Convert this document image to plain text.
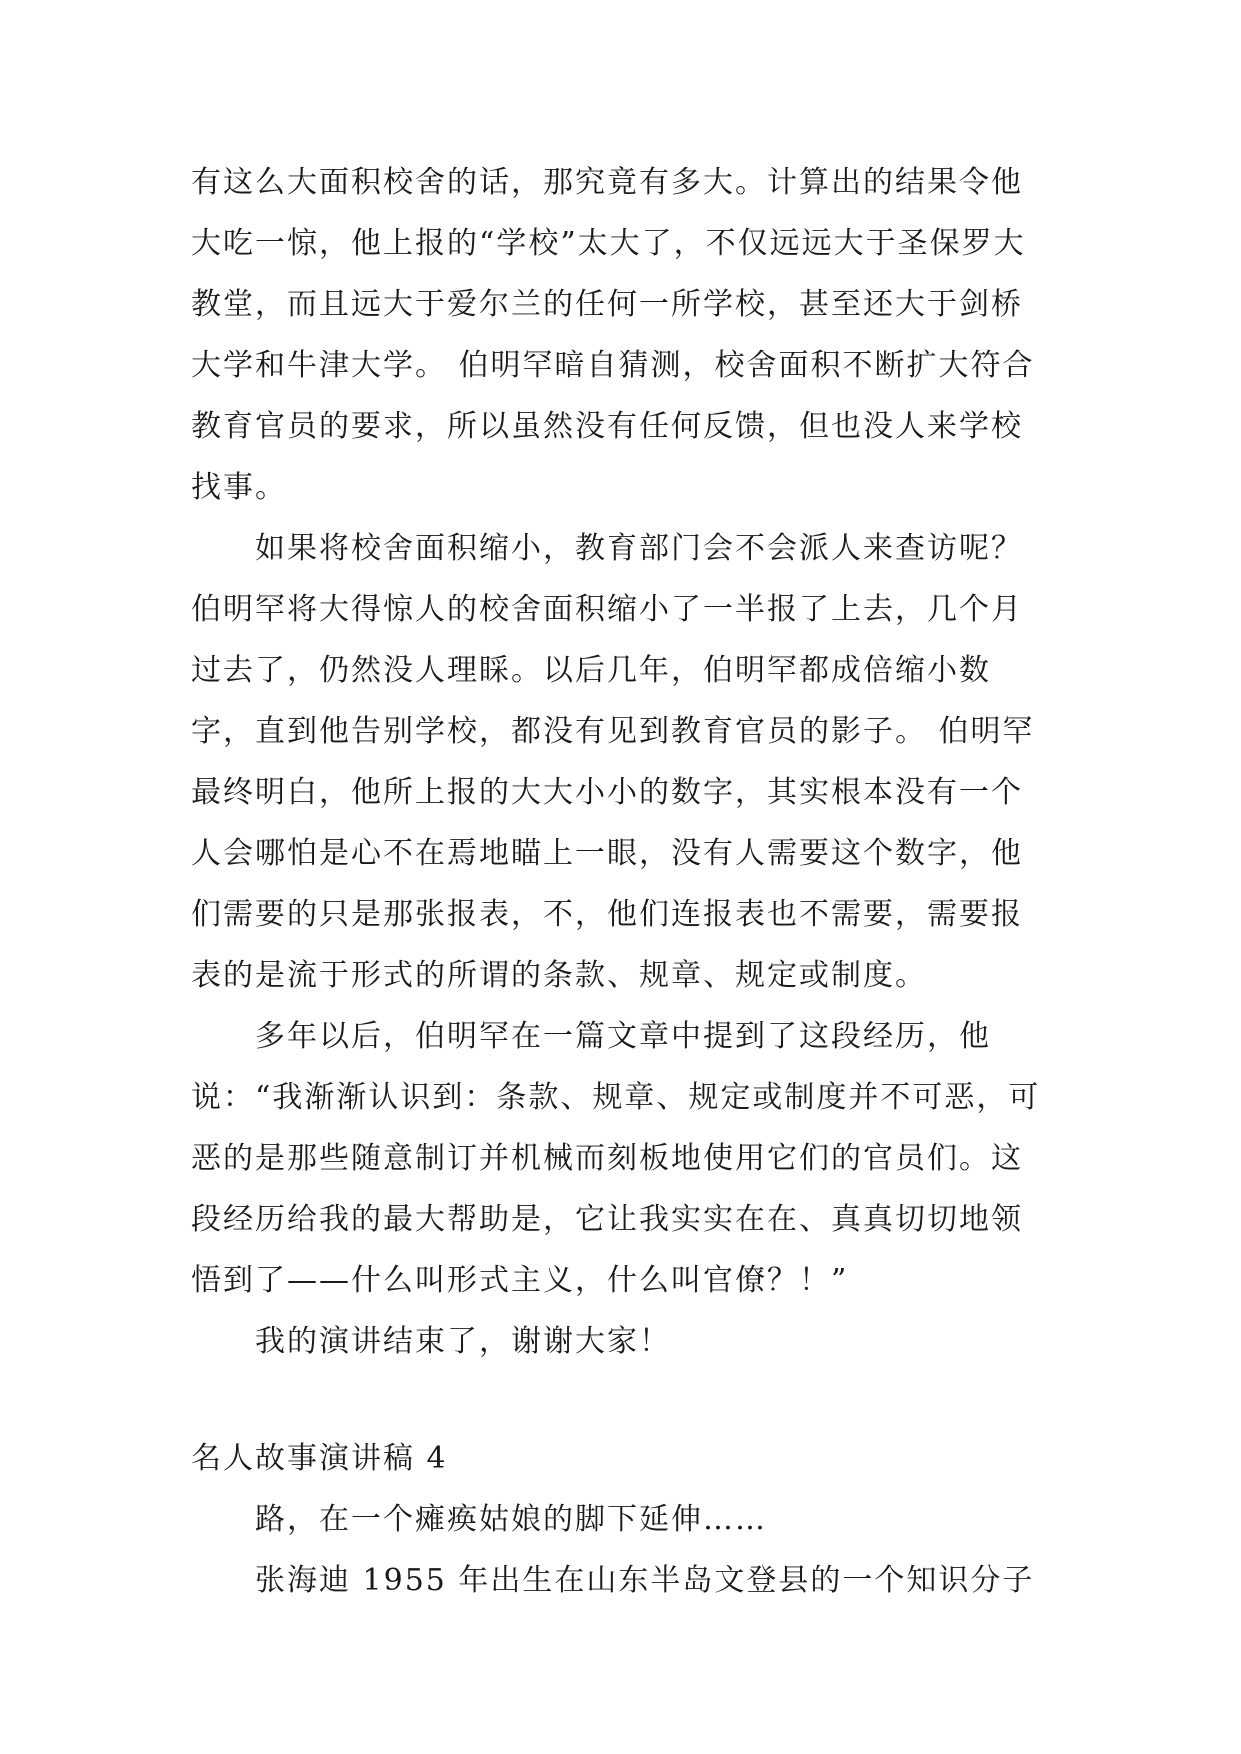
有这么大面积校舍的话，那究竟有多大。计算出的结果令他大吃一惊，他上报的“学校”太大了，不仅远远大于圣保罗大教堂，而且远大于爱尔兰的任何一所学校，甚至还大于剑桥大学和牛津大学。 伯明罕暗自猜测，校舍面积不断扩大符合教育官员的要求，所以虽然没有任何反馈，但也没人来学校找事。

如果将校舍面积缩小，教育部门会不会派人来查访呢？伯明罕将大得惊人的校舍面积缩小了一半报了上去，几个月过去了，仍然没人理睬。以后几年，伯明罕都成倍缩小数字，直到他告别学校，都没有见到教育官员的影子。 伯明罕最终明白，他所上报的大大小小的数字，其实根本没有一个人会哪怕是心不在焉地瞄上一眼，没有人需要这个数字，他们需要的只是那张报表，不，他们连报表也不需要，需要报表的是流于形式的所谓的条款、规章、规定或制度。

多年以后，伯明罕在一篇文章中提到了这段经历，他说：“我渐渐认识到：条款、规章、规定或制度并不可恶，可恶的是那些随意制订并机械而刻板地使用它们的官员们。这段经历给我的最大帮助是，它让我实实在在、真真切切地领悟到了——什么叫形式主义，什么叫官僚？！”

我的演讲结束了，谢谢大家！

名人故事演讲稿 4

路，在一个瘫痪姑娘的脚下延伸……

张海迪 1955 年出生在山东半岛文登县的一个知识分子
